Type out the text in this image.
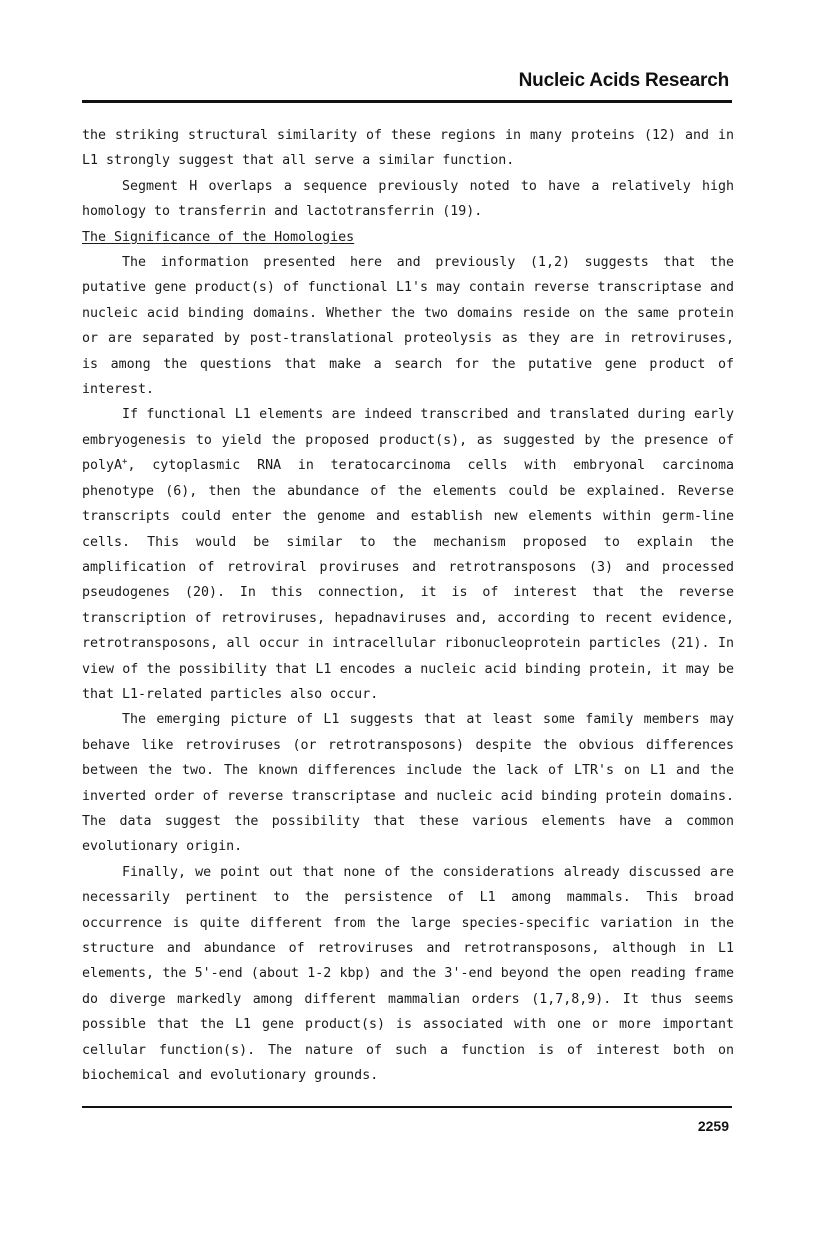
Nucleic Acids Research

the striking structural similarity of these regions in many proteins (12) and in L1 strongly suggest that all serve a similar function.

Segment H overlaps a sequence previously noted to have a relatively high homology to transferrin and lactotransferrin (19).

The Significance of the Homologies

The information presented here and previously (1,2) suggests that the putative gene product(s) of functional L1's may contain reverse transcriptase and nucleic acid binding domains. Whether the two domains reside on the same protein or are separated by post-translational proteolysis as they are in retroviruses, is among the questions that make a search for the putative gene product of interest.

If functional L1 elements are indeed transcribed and translated during early embryogenesis to yield the proposed product(s), as suggested by the presence of polyA+, cytoplasmic RNA in teratocarcinoma cells with embryonal carcinoma phenotype (6), then the abundance of the elements could be explained. Reverse transcripts could enter the genome and establish new elements within germ-line cells. This would be similar to the mechanism proposed to explain the amplification of retroviral proviruses and retrotransposons (3) and processed pseudogenes (20). In this connection, it is of interest that the reverse transcription of retroviruses, hepadnaviruses and, according to recent evidence, retrotransposons, all occur in intracellular ribonucleoprotein particles (21). In view of the possibility that L1 encodes a nucleic acid binding protein, it may be that L1-related particles also occur.

The emerging picture of L1 suggests that at least some family members may behave like retroviruses (or retrotransposons) despite the obvious differences between the two. The known differences include the lack of LTR's on L1 and the inverted order of reverse transcriptase and nucleic acid binding protein domains. The data suggest the possibility that these various elements have a common evolutionary origin.

Finally, we point out that none of the considerations already discussed are necessarily pertinent to the persistence of L1 among mammals. This broad occurrence is quite different from the large species-specific variation in the structure and abundance of retroviruses and retrotransposons, although in L1 elements, the 5'-end (about 1-2 kbp) and the 3'-end beyond the open reading frame do diverge markedly among different mammalian orders (1,7,8,9). It thus seems possible that the L1 gene product(s) is associated with one or more important cellular function(s). The nature of such a function is of interest both on biochemical and evolutionary grounds.

2259
